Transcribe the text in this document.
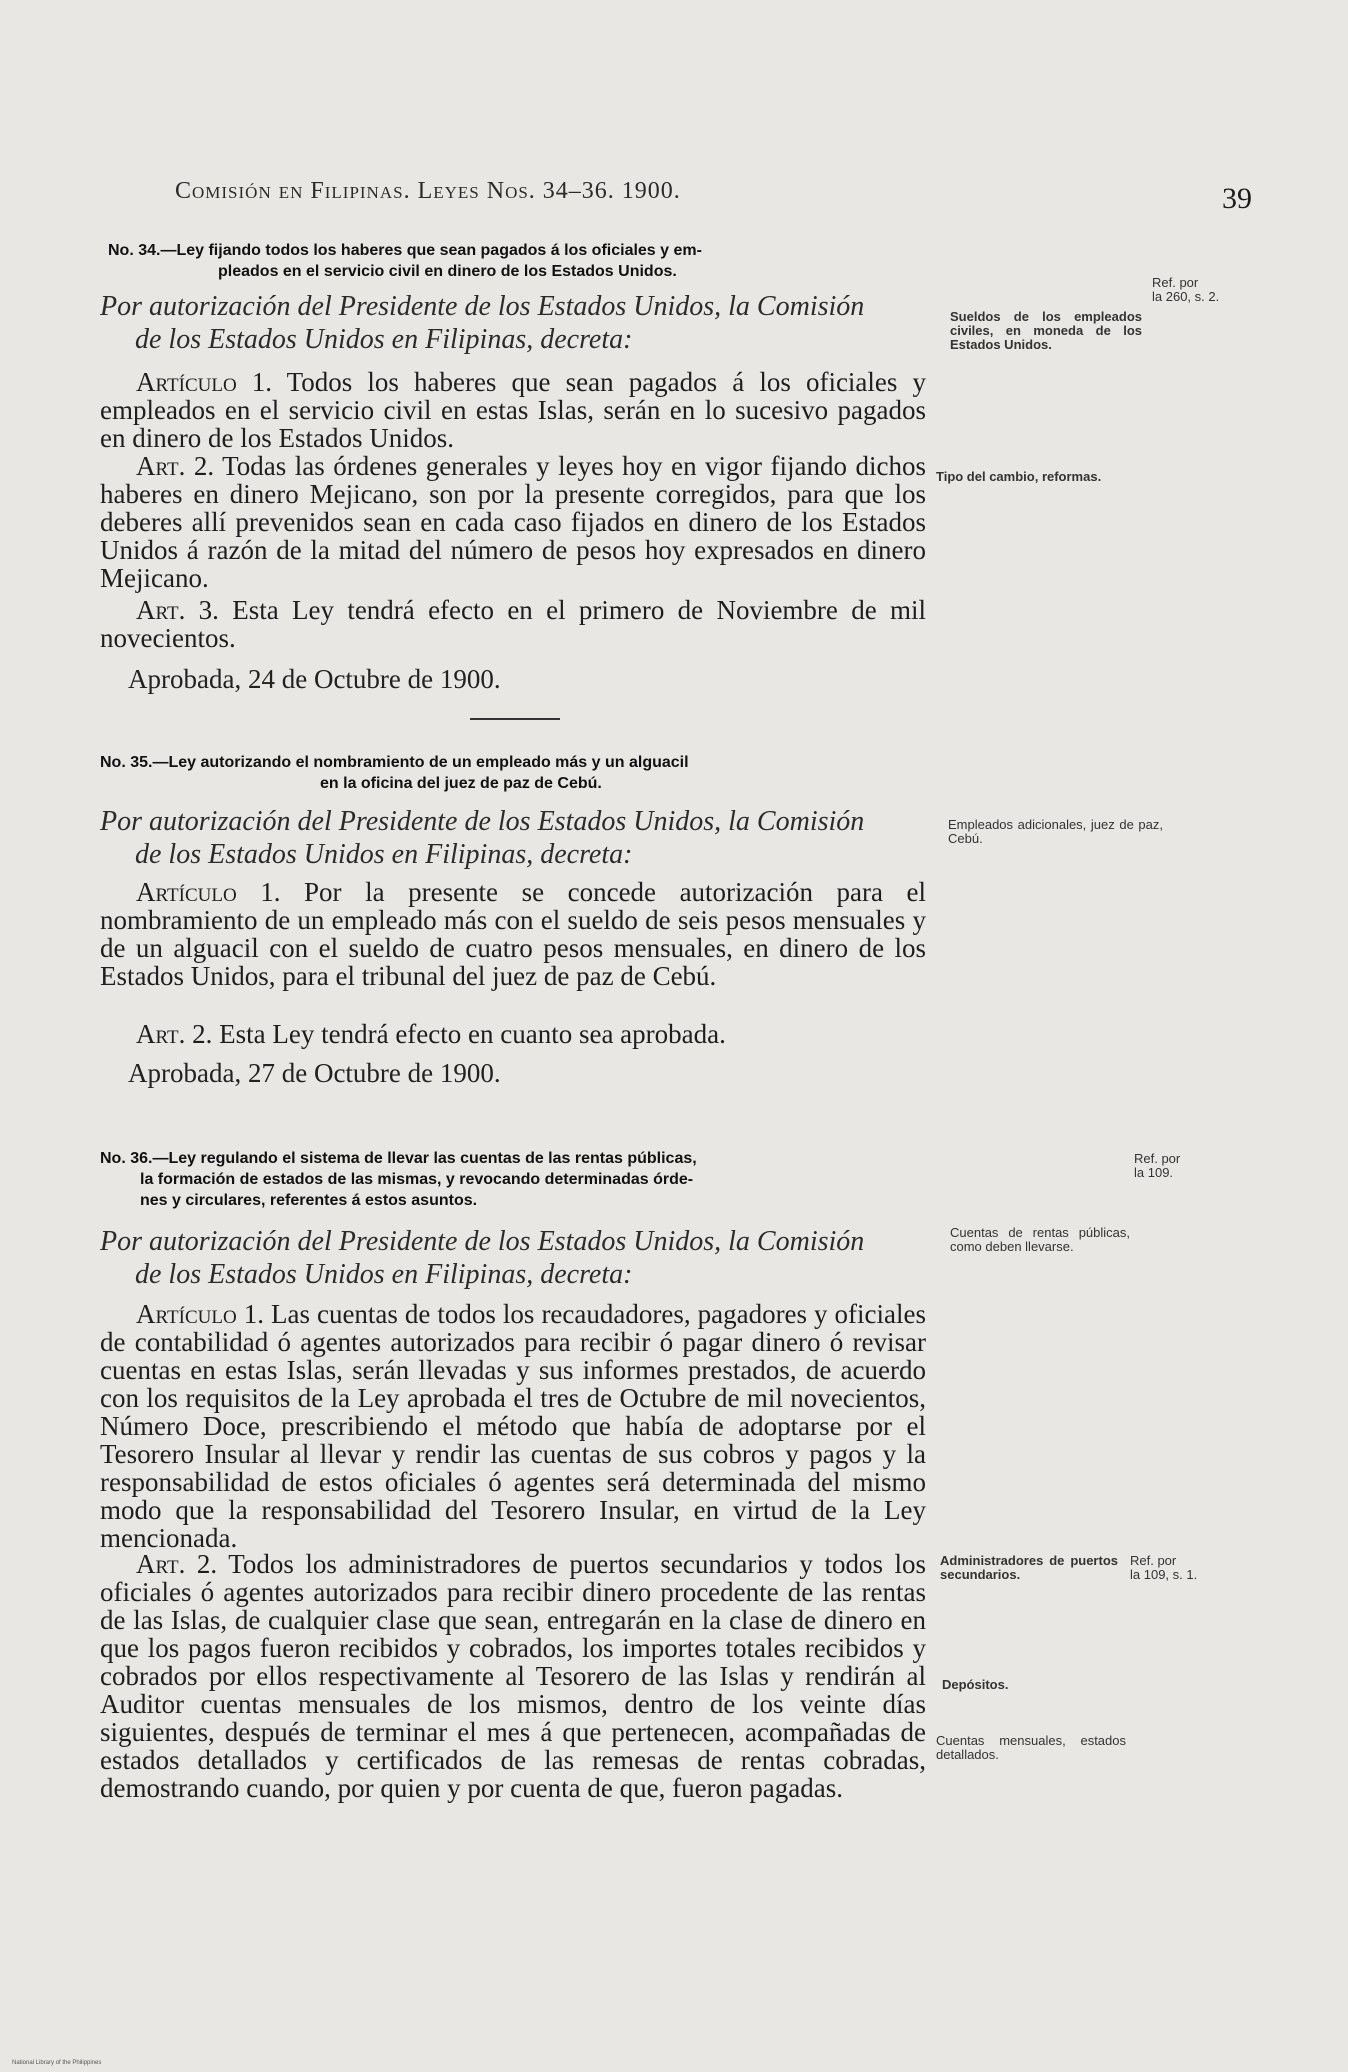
Comisión en Filipinas. Leyes Nos. 34–36. 1900.	39
No. 34.—Ley fijando todos los haberes que sean pagados á los oficiales y em-
pleados en el servicio civil en dinero de los Estados Unidos.
Por autorización del Presidente de los Estados Unidos, la Comisión
de los Estados Unidos en Filipinas, decreta:

Artículo 1. Todos los haberes que sean pagados á los oficiales y empleados en el servicio civil en estas Islas, serán en lo sucesivo pagados en dinero de los Estados Unidos.

Art. 2. Todas las órdenes generales y leyes hoy en vigor fijando dichos haberes en dinero Mejicano, son por la presente corregidos, para que los deberes allí prevenidos sean en cada caso fijados en dinero de los Estados Unidos á razón de la mitad del número de pesos hoy expresados en dinero Mejicano.

Art. 3. Esta Ley tendrá efecto en el primero de Noviembre de mil novecientos.

Aprobada, 24 de Octubre de 1900.
No. 35.—Ley autorizando el nombramiento de un empleado más y un alguacil
en la oficina del juez de paz de Cebú.
Por autorización del Presidente de los Estados Unidos, la Comisión
de los Estados Unidos en Filipinas, decreta:

Artículo 1. Por la presente se concede autorización para el nombramiento de un empleado más con el sueldo de seis pesos mensuales y de un alguacil con el sueldo de cuatro pesos mensuales, en dinero de los Estados Unidos, para el tribunal del juez de paz de Cebú.

Art. 2. Esta Ley tendrá efecto en cuanto sea aprobada.

Aprobada, 27 de Octubre de 1900.
No. 36.—Ley regulando el sistema de llevar las cuentas de las rentas públicas,
la formación de estados de las mismas, y revocando determinadas órde-
nes y circulares, referentes á estos asuntos.
Por autorización del Presidente de los Estados Unidos, la Comisión
de los Estados Unidos en Filipinas, decreta:

Artículo 1. Las cuentas de todos los recaudadores, pagadores y oficiales de contabilidad ó agentes autorizados para recibir ó pagar dinero ó revisar cuentas en estas Islas, serán llevadas y sus informes prestados, de acuerdo con los requisitos de la Ley aprobada el tres de Octubre de mil novecientos, Número Doce, prescribiendo el método que había de adoptarse por el Tesorero Insular al llevar y rendir las cuentas de sus cobros y pagos y la responsabilidad de estos oficiales ó agentes será determinada del mismo modo que la responsabilidad del Tesorero Insular, en virtud de la Ley mencionada.

Art. 2. Todos los administradores de puertos secundarios y todos los oficiales ó agentes autorizados para recibir dinero procedente de las rentas de las Islas, de cualquier clase que sean, entregarán en la clase de dinero en que los pagos fueron recibidos y cobrados, los importes totales recibidos y cobrados por ellos respectivamente al Tesorero de las Islas y rendirán al Auditor cuentas mensuales de los mismos, dentro de los veinte días siguientes, después de terminar el mes á que pertenecen, acompañadas de estados detallados y certificados de las remesas de rentas cobradas, demostrando cuando, por quien y por cuenta de que, fueron pagadas.

Sueldos de los empleados civiles, en moneda de los Estados Unidos.
Tipo del cambio, reformas.
Empleados adicionales, juez de paz, Cebú.
Cuentas de rentas públicas, como deben llevarse.
Administradores de puertos secundarios.
Depósitos.
Cuentas mensuales, estados detallados.
Ref. por
la 260, s. 2.
Ref. por
la 109.
Ref. por
la 109, s. 1.
National Library of the Philippines
